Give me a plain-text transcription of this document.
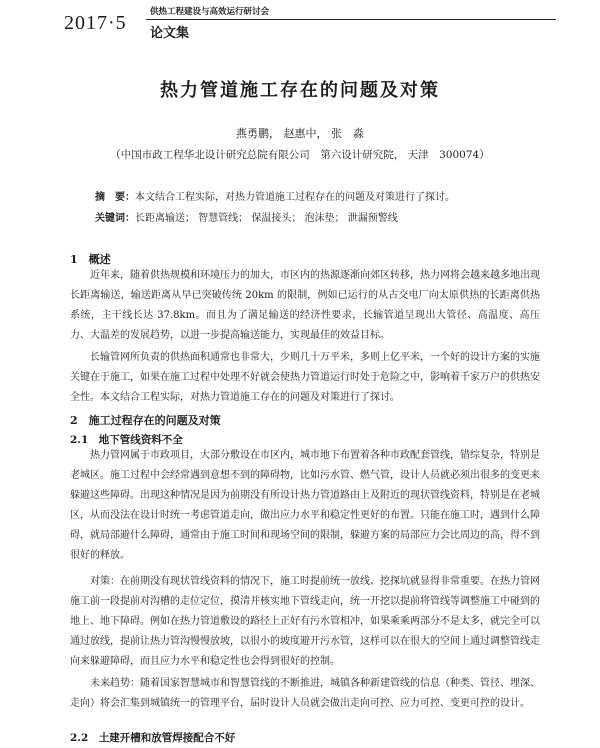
2017·5	供热工程建设与高效运行研讨会
论文集
热力管道施工存在的问题及对策
燕勇鹏， 赵惠中， 张　淼
（中国市政工程华北设计研究总院有限公司　第六设计研究院， 天津　300074）
摘　要：本文结合工程实际，对热力管道施工过程存在的问题及对策进行了探讨。
关键词：长距离输送； 智慧管线； 保温接头； 泡沫垫； 泄漏预警线
1　概述
近年来，随着供热规模和环境压力的加大，市区内的热源逐渐向郊区转移，热力网将会越来越多地出现长距离输送，输送距离从早已突破传统 20km 的限制，例如已运行的从古交电厂向太原供热的长距离供热系统，主干线长达 37.8km。而且为了满足输送的经济性要求，长输管道呈现出大管径、高温度、高压力、大温差的发展趋势，以进一步提高输送能力，实现最佳的效益目标。
长输管网所负责的供热面积通常也非常大，少则几十万平米，多则上亿平米，一个好的设计方案的实施关键在于施工，如果在施工过程中处理不好就会使热力管道运行时处于危险之中，影响着千家万户的供热安全性。本文结合工程实际，对热力管道施工存在的问题及对策进行了探讨。
2　施工过程存在的问题及对策
2.1　地下管线资料不全
热力管网属于市政项目，大部分敷设在市区内，城市地下布置着各种市政配套管线，错综复杂，特别是老城区。施工过程中会经常遇到意想不到的障碍物，比如污水管、燃气管，设计人员就必须出很多的变更来躲避这些障碍。出现这种情况是因为前期没有所设计热力管道路由上及附近的现状管线资料，特别是在老城区，从而没法在设计时统一考虑管道走向，做出应力水平和稳定性更好的布置。只能在施工时，遇到什么障碍，就局部避什么障碍，通常由于施工时间和现场空间的限制，躲避方案的局部应力会比周边的高，得不到很好的释放。
对策：在前期没有现状管线资料的情况下，施工时提前统一放线、挖探坑就显得非常重要。在热力管网施工前一段提前对沟槽的走位定位，摸清并核实地下管线走向，统一开挖以提前将管线等调整施工中碰到的地上、地下障碍。例如在热力管道敷设的路径上正好有污水管相冲，如果乘乘两部分不是太多，就完全可以通过放线，提前让热力管沟慢慢放坡，以很小的坡度避开污水管，这样可以在很大的空间上通过调整管线走向来躲避障碍，而且应力水平和稳定性也会得到很好的控制。
未来趋势：随着国家智慧城市和智慧管线的不断推进，城镇各种新建管线的信息（种类、管径、埋深、走向）将会汇集到城镇统一的管理平台，届时设计人员就会做出走向可控、应力可控、变更可控的设计。
2.2　土建开槽和放管焊接配合不好
